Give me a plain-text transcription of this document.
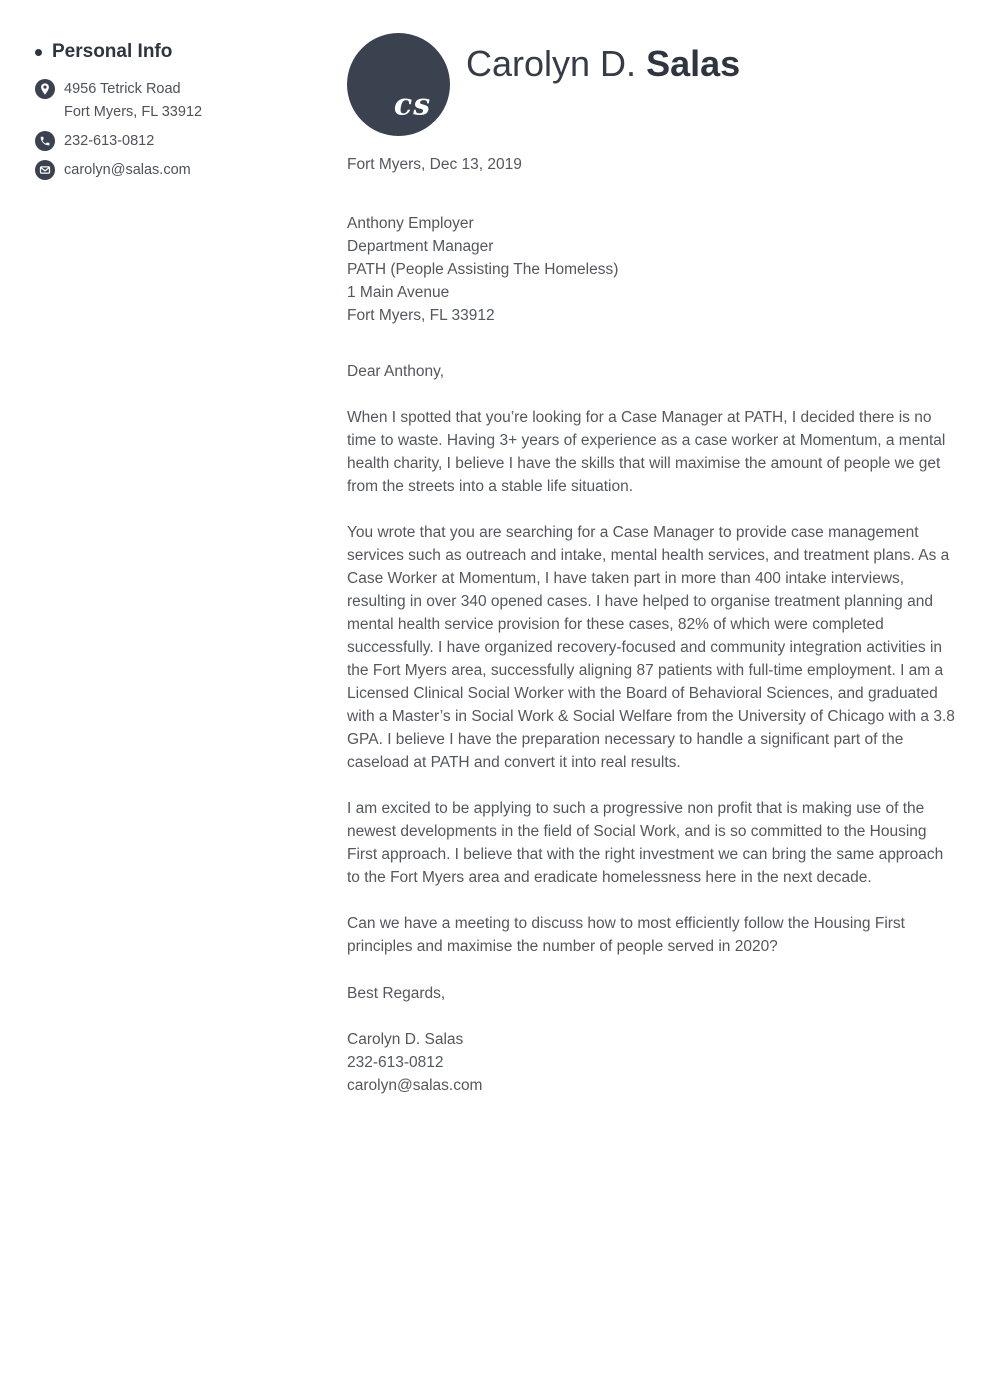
Personal Info
4956 Tetrick Road
Fort Myers, FL 33912
232-613-0812
carolyn@salas.com
cs
Carolyn D. Salas
Fort Myers, Dec 13, 2019
Anthony Employer
Department Manager
PATH (People Assisting The Homeless)
1 Main Avenue
Fort Myers, FL 33912
Dear Anthony,

When I spotted that you’re looking for a Case Manager at PATH, I decided there is no time to waste. Having 3+ years of experience as a case worker at Momentum, a mental health charity, I believe I have the skills that will maximise the amount of people we get from the streets into a stable life situation.

You wrote that you are searching for a Case Manager to provide case management services such as outreach and intake, mental health services, and treatment plans. As a Case Worker at Momentum, I have taken part in more than 400 intake interviews, resulting in over 340 opened cases. I have helped to organise treatment planning and mental health service provision for these cases, 82% of which were completed successfully. I have organized recovery-focused and community integration activities in the Fort Myers area, successfully aligning 87 patients with full-time employment. I am a Licensed Clinical Social Worker with the Board of Behavioral Sciences, and graduated with a Master’s in Social Work & Social Welfare from the University of Chicago with a 3.8 GPA. I believe I have the preparation necessary to handle a significant part of the caseload at PATH and convert it into real results.

I am excited to be applying to such a progressive non profit that is making use of the newest developments in the field of Social Work, and is so committed to the Housing First approach. I believe that with the right investment we can bring the same approach to the Fort Myers area and eradicate homelessness here in the next decade.

Can we have a meeting to discuss how to most efficiently follow the Housing First principles and maximise the number of people served in 2020?

Best Regards,
Carolyn D. Salas
232-613-0812
carolyn@salas.com
